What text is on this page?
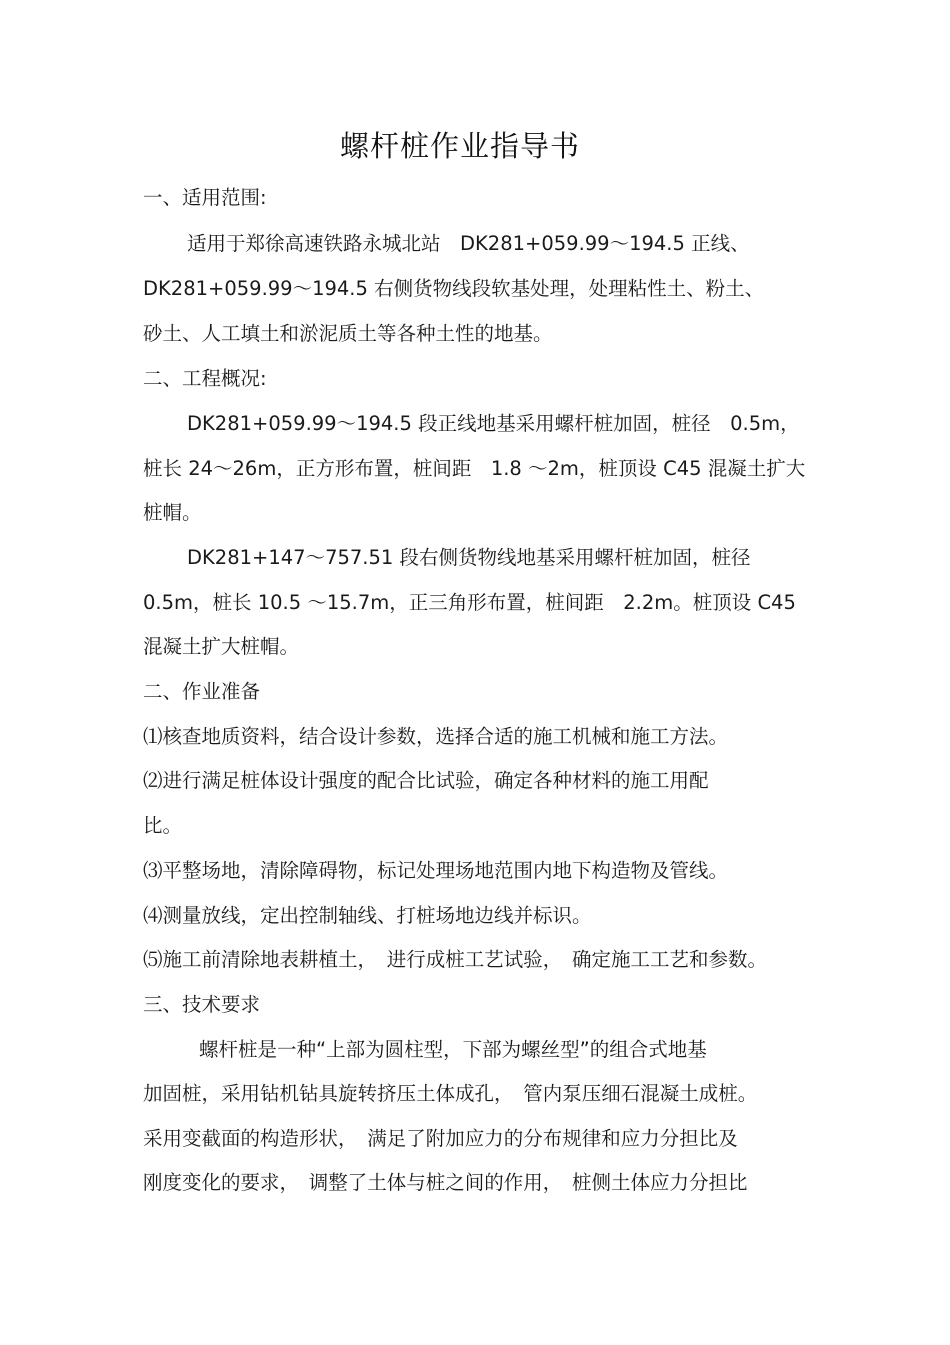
螺杆桩作业指导书
一、适用范围:
适用于郑徐高速铁路永城北站　DK281+059.99～194.5 正线、
DK281+059.99～194.5 右侧货物线段软基处理，处理粘性土、粉土、
砂土、人工填土和淤泥质土等各种土性的地基。
二、工程概况:
DK281+059.99～194.5 段正线地基采用螺杆桩加固，桩径　0.5m，
桩长 24～26m，正方形布置，桩间距　1.8 ～2m，桩顶设 C45 混凝土扩大
桩帽。
DK281+147～757.51 段右侧货物线地基采用螺杆桩加固，桩径
0.5m，桩长 10.5 ～15.7m，正三角形布置，桩间距　2.2m。桩顶设 C45
混凝土扩大桩帽。
二、作业准备
⑴核查地质资料，结合设计参数，选择合适的施工机械和施工方法。
⑵进行满足桩体设计强度的配合比试验，确定各种材料的施工用配
比。
⑶平整场地，清除障碍物，标记处理场地范围内地下构造物及管线。
⑷测量放线，定出控制轴线、打桩场地边线并标识。
⑸施工前清除地表耕植土，　进行成桩工艺试验，　确定施工工艺和参数。
三、技术要求
螺杆桩是一种“上部为圆柱型，下部为螺丝型”的组合式地基
加固桩，采用钻机钻具旋转挤压土体成孔，　管内泵压细石混凝土成桩。
采用变截面的构造形状，　满足了附加应力的分布规律和应力分担比及
刚度变化的要求，　调整了土体与桩之间的作用，　桩侧土体应力分担比
